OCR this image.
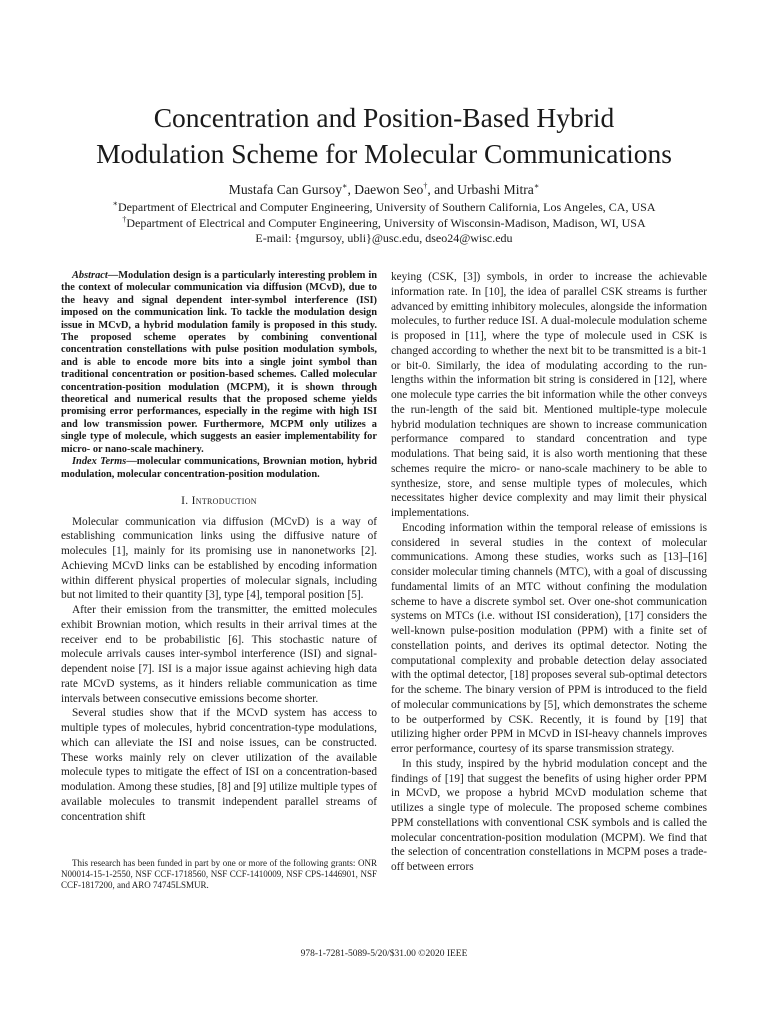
Concentration and Position-Based Hybrid
Modulation Scheme for Molecular Communications
Mustafa Can Gursoy∗, Daewon Seo†, and Urbashi Mitra∗
∗Department of Electrical and Computer Engineering, University of Southern California, Los Angeles, CA, USA
†Department of Electrical and Computer Engineering, University of Wisconsin-Madison, Madison, WI, USA
E-mail: {mgursoy, ubli}@usc.edu, dseo24@wisc.edu

Abstract—Modulation design is a particularly interesting problem in the context of molecular communication via diffusion (MCvD), due to the heavy and signal dependent inter-symbol interference (ISI) imposed on the communication link. To tackle the modulation design issue in MCvD, a hybrid modulation family is proposed in this study. The proposed scheme operates by combining conventional concentration constellations with pulse position modulation symbols, and is able to encode more bits into a single joint symbol than traditional concentration or position-based schemes. Called molecular concentration-position modulation (MCPM), it is shown through theoretical and numerical results that the proposed scheme yields promising error performances, especially in the regime with high ISI and low transmission power. Furthermore, MCPM only utilizes a single type of molecule, which suggests an easier implementability for micro- or nano-scale machinery.

Index Terms—molecular communications, Brownian motion, hybrid modulation, molecular concentration-position modulation.

I. Introduction

Molecular communication via diffusion (MCvD) is a way of establishing communication links using the diffusive nature of molecules [1], mainly for its promising use in nanonetworks [2]. Achieving MCvD links can be established by encoding information within different physical properties of molecular signals, including but not limited to their quantity [3], type [4], temporal position [5].

After their emission from the transmitter, the emitted molecules exhibit Brownian motion, which results in their arrival times at the receiver end to be probabilistic [6]. This stochastic nature of molecule arrivals causes inter-symbol interference (ISI) and signal-dependent noise [7]. ISI is a major issue against achieving high data rate MCvD systems, as it hinders reliable communication as time intervals between consecutive emissions become shorter.

Several studies show that if the MCvD system has access to multiple types of molecules, hybrid concentration-type modulations, which can alleviate the ISI and noise issues, can be constructed. These works mainly rely on clever utilization of the available molecule types to mitigate the effect of ISI on a concentration-based modulation. Among these studies, [8] and [9] utilize multiple types of available molecules to transmit independent parallel streams of concentration shift

keying (CSK, [3]) symbols, in order to increase the achievable information rate. In [10], the idea of parallel CSK streams is further advanced by emitting inhibitory molecules, alongside the information molecules, to further reduce ISI. A dual-molecule modulation scheme is proposed in [11], where the type of molecule used in CSK is changed according to whether the next bit to be transmitted is a bit-1 or bit-0. Similarly, the idea of modulating according to the run-lengths within the information bit string is considered in [12], where one molecule type carries the bit information while the other conveys the run-length of the said bit. Mentioned multiple-type molecule hybrid modulation techniques are shown to increase communication performance compared to standard concentration and type modulations. That being said, it is also worth mentioning that these schemes require the micro- or nano-scale machinery to be able to synthesize, store, and sense multiple types of molecules, which necessitates higher device complexity and may limit their physical implementations.

Encoding information within the temporal release of emissions is considered in several studies in the context of molecular communications. Among these studies, works such as [13]–[16] consider molecular timing channels (MTC), with a goal of discussing fundamental limits of an MTC without confining the modulation scheme to have a discrete symbol set. Over one-shot communication systems on MTCs (i.e. without ISI consideration), [17] considers the well-known pulse-position modulation (PPM) with a finite set of constellation points, and derives its optimal detector. Noting the computational complexity and probable detection delay associated with the optimal detector, [18] proposes several sub-optimal detectors for the scheme. The binary version of PPM is introduced to the field of molecular communications by [5], which demonstrates the scheme to be outperformed by CSK. Recently, it is found by [19] that utilizing higher order PPM in MCvD in ISI-heavy channels improves error performance, courtesy of its sparse transmission strategy.

In this study, inspired by the hybrid modulation concept and the findings of [19] that suggest the benefits of using higher order PPM in MCvD, we propose a hybrid MCvD modulation scheme that utilizes a single type of molecule. The proposed scheme combines PPM constellations with conventional CSK symbols and is called the molecular concentration-position modulation (MCPM). We find that the selection of concentration constellations in MCPM poses a trade-off between errors

This research has been funded in part by one or more of the following grants: ONR N00014-15-1-2550, NSF CCF-1718560, NSF CCF-1410009, NSF CPS-1446901, NSF CCF-1817200, and ARO 74745LSMUR.

978-1-7281-5089-5/20/$31.00 ©2020 IEEE
